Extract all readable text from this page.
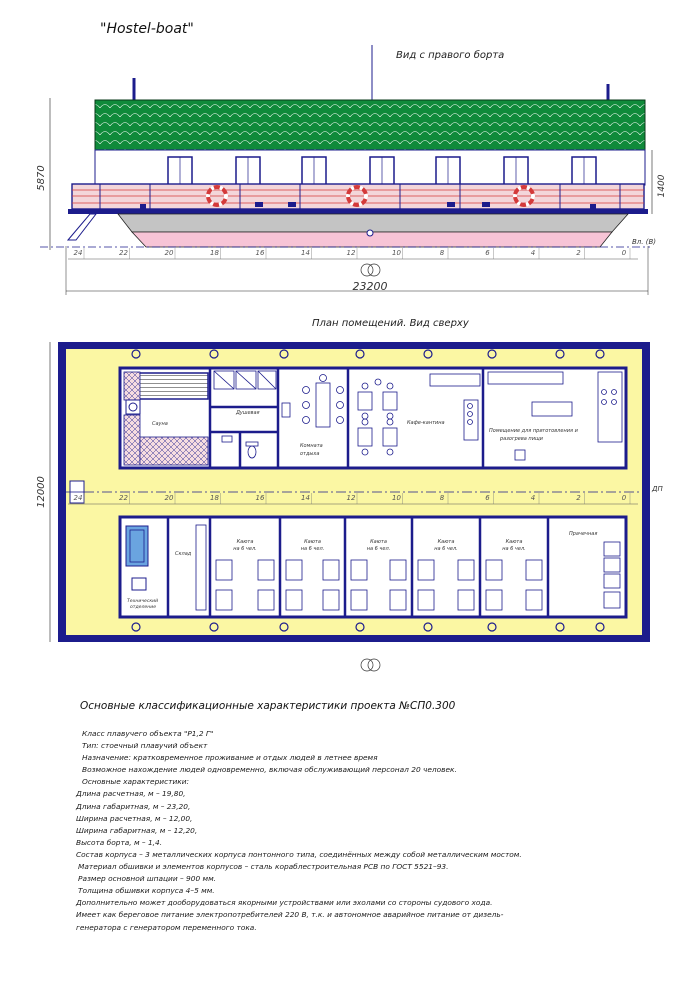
"Hostel-boat"
Вид с правого борта
Вл. (В)
5870	1400
23200
24	22	20	18	16	14	12	10	8	6	4	2	0
План помещений. Вид сверху
ДП
Сауна
Душевая
Комната
отдыха
Кафе-кантина
Помещение для приготовления и
разогрева пищи
Склад
Технический
отделение
Каюта
на 6 чел.
Каюта
на 6 чел.
Каюта
на 6 чел.
Каюта
на 6 чел.
Каюта
на 6 чел.
Прачечная
12000	24	22	20	18	16	14	12	10	8	6	4	2	0
Основные классификационные характеристики проекта №СП0.300
Класс плавучего объекта "Р1,2 Г"
Тип: стоечный плавучий объект
Назначение: кратковременное проживание и отдых людей в летнее время
Возможное нахождение людей одновременно, включая обслуживающий персонал 20 человек.
Основные характеристики:
Длина расчетная, м – 19,80,
Длина габаритная, м – 23,20,
Ширина расчетная, м – 12,00,
Ширина габаритная, м – 12,20,
Высота борта, м – 1,4.
Состав корпуса – 3 металлических корпуса понтонного типа, соединённых между собой металлическим мостом.
Материал обшивки и элементов корпусов – сталь кораблестроительная РСВ по ГОСТ 5521–93.
Размер основной шпации – 900 мм.
Толщина обшивки корпуса 4–5 мм.
Дополнительно может дооборудоваться якорными устройствами или эхолами со стороны судового хода.
Имеет как береговое питание электропотребителей 220 В, т.к. и автономное аварийное питание от дизель-
генератора с генератором переменного тока.
